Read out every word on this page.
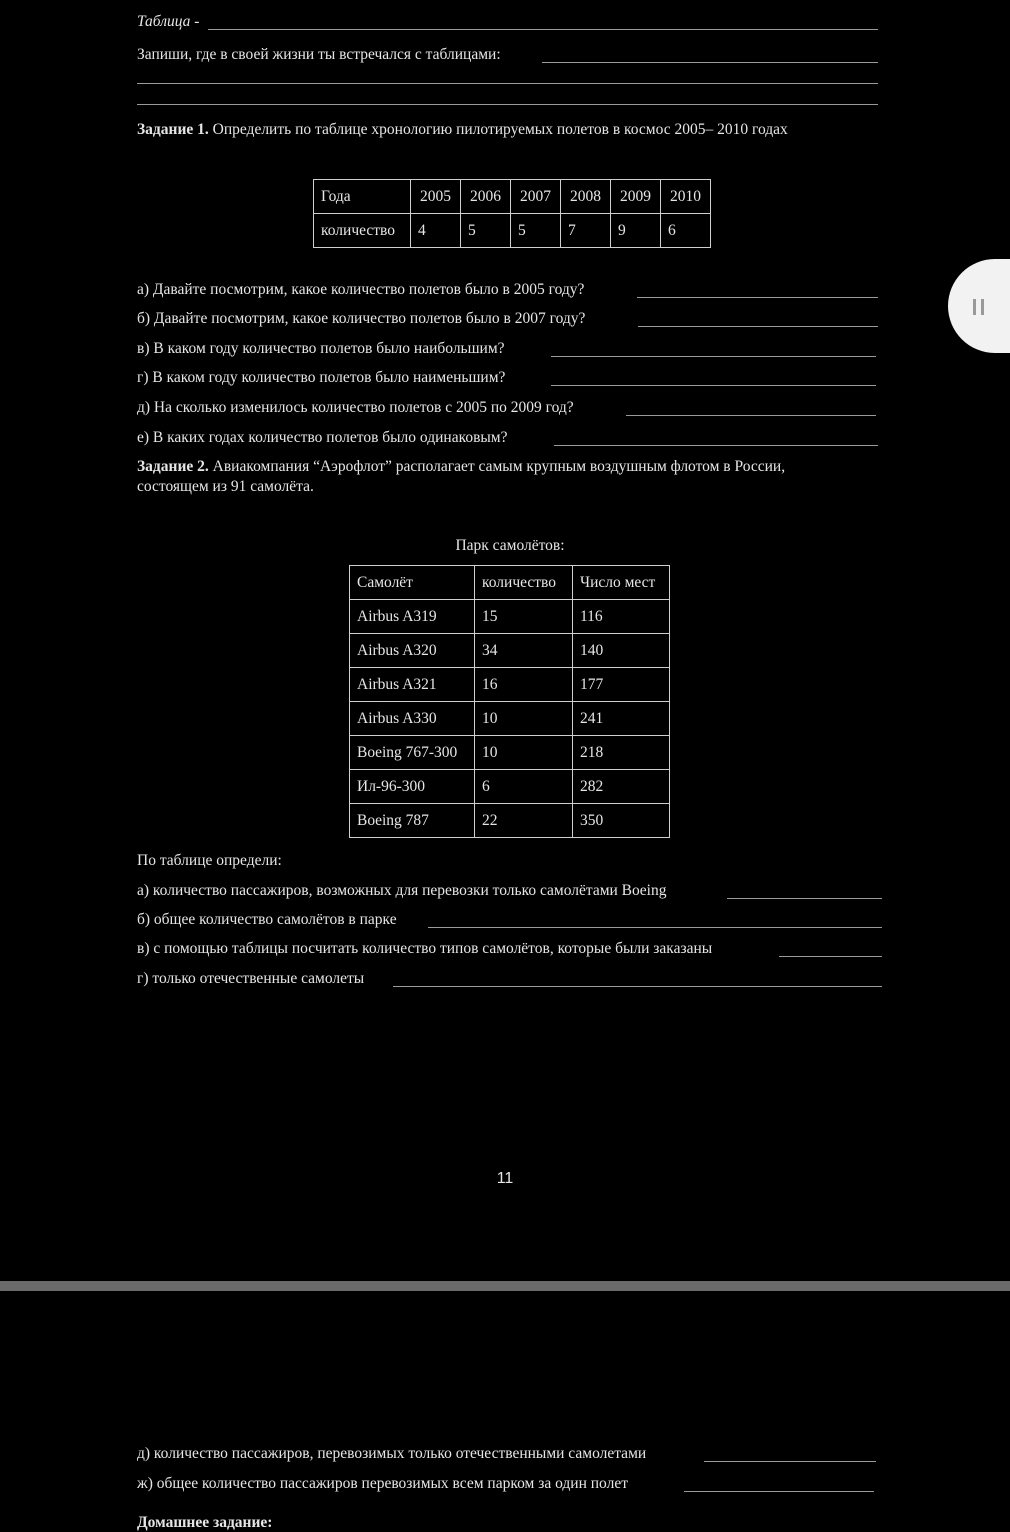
Таблица -
Запиши, где в своей жизни ты встречался с таблицами:
Задание 1. Определить по таблице хронологию пилотируемых полетов в космос 2005– 2010 годах
Года	2005	2006	2007	2008	2009	2010
количество	4	5	5	7	9	6
а) Давайте посмотрим, какое количество полетов было в 2005 году?
б) Давайте посмотрим, какое количество полетов было в 2007 году?
в) В каком году количество полетов было наибольшим?
г) В каком году количество полетов было наименьшим?
д) На сколько изменилось количество полетов с 2005 по 2009 год?
е) В каких годах количество полетов было одинаковым?
Задание 2. Авиакомпания “Аэрофлот” располагает самым крупным воздушным флотом в России,
состоящем из 91 самолёта.
Парк самолётов:
Самолёт	количество	Число мест
Airbus A319	15	116
Airbus A320	34	140
Airbus A321	16	177
Airbus A330	10	241
Boeing 767-300	10	218
Ил-96-300	6	282
Boeing 787	22	350
По таблице определи:
а) количество пассажиров, возможных для перевозки только самолётами Boeing
б) общее количество самолётов в парке
в) с помощью таблицы посчитать количество типов самолётов, которые были заказаны
г) только отечественные самолеты
11
д) количество пассажиров, перевозимых только отечественными самолетами
ж) общее количество пассажиров перевозимых всем парком за один полет
Домашнее задание:
